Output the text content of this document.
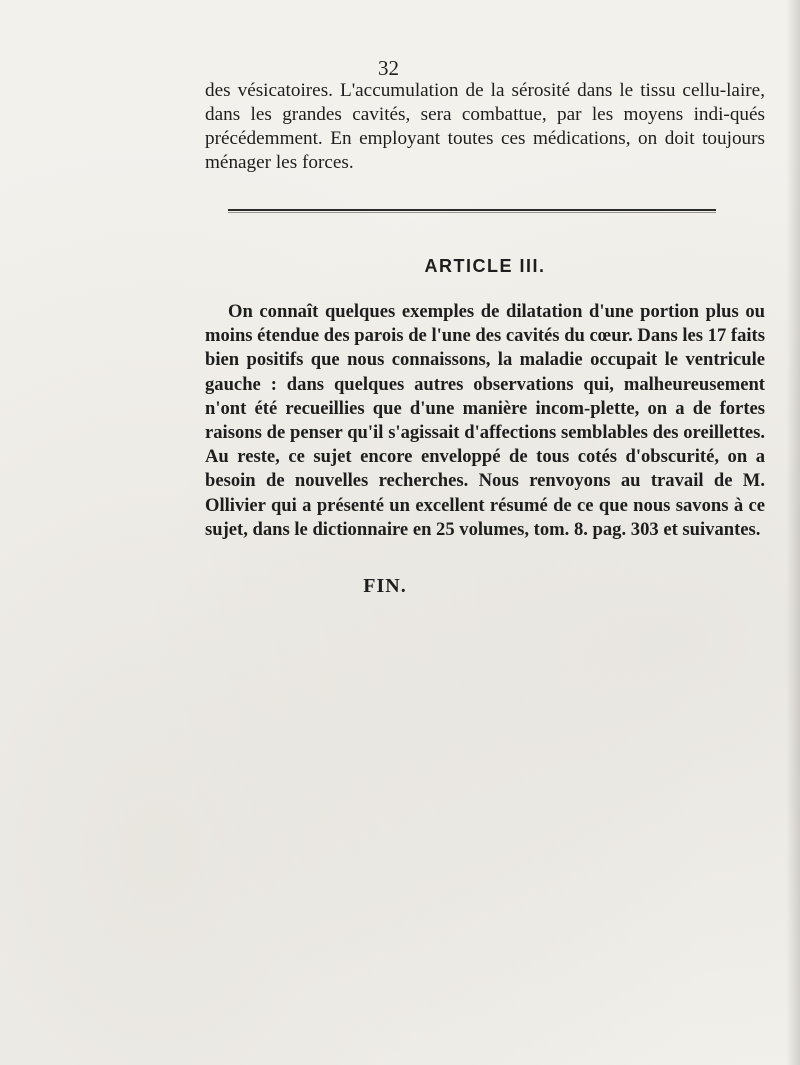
32
des vésicatoires. L'accumulation de la sérosité dans le tissu cellu-laire, dans les grandes cavités, sera combattue, par les moyens indi-qués précédemment. En employant toutes ces médications, on doit toujours ménager les forces.
ARTICLE III.
On connaît quelques exemples de dilatation d'une portion plus ou moins étendue des parois de l'une des cavités du cœur. Dans les 17 faits bien positifs que nous connaissons, la maladie occupait le ventricule gauche : dans quelques autres observations qui, malheureusement n'ont été recueillies que d'une manière incom-plette, on a de fortes raisons de penser qu'il s'agissait d'affections semblables des oreillettes. Au reste, ce sujet encore enveloppé de tous cotés d'obscurité, on a besoin de nouvelles recherches. Nous renvoyons au travail de M. Ollivier qui a présenté un excellent résumé de ce que nous savons à ce sujet, dans le dictionnaire en 25 volumes, tom. 8. pag. 303 et suivantes.
FIN.
